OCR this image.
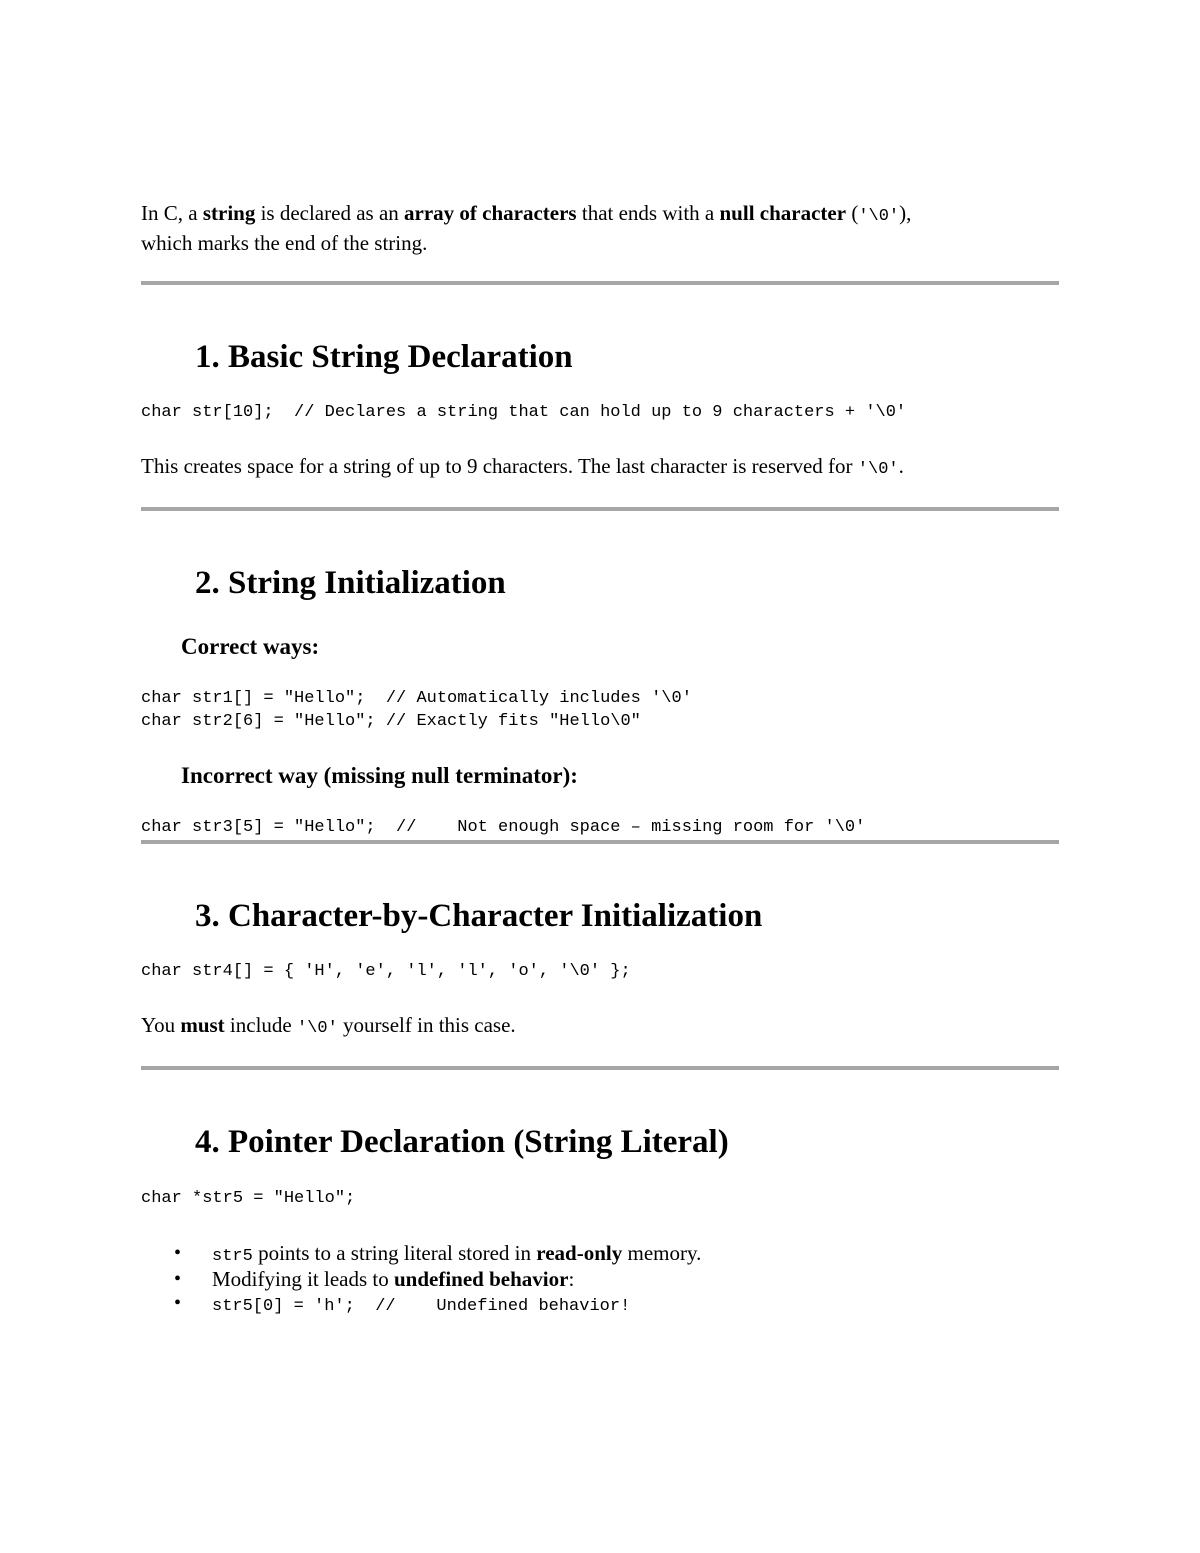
In C, a string is declared as an array of characters that ends with a null character ('\0'),
which marks the end of the string.
1. Basic String Declaration
char str[10];  // Declares a string that can hold up to 9 characters + '\0'
This creates space for a string of up to 9 characters. The last character is reserved for '\0'.
2. String Initialization
Correct ways:
char str1[] = "Hello";  // Automatically includes '\0'
char str2[6] = "Hello"; // Exactly fits "Hello\0"
Incorrect way (missing null terminator):
char str3[5] = "Hello";  //    Not enough space – missing room for '\0'
3. Character-by-Character Initialization
char str4[] = { 'H', 'e', 'l', 'l', 'o', '\0' };
You must include '\0' yourself in this case.
4. Pointer Declaration (String Literal)
char *str5 = "Hello";
• str5 points to a string literal stored in read-only memory.
• Modifying it leads to undefined behavior:
• str5[0] = 'h';  //    Undefined behavior!
